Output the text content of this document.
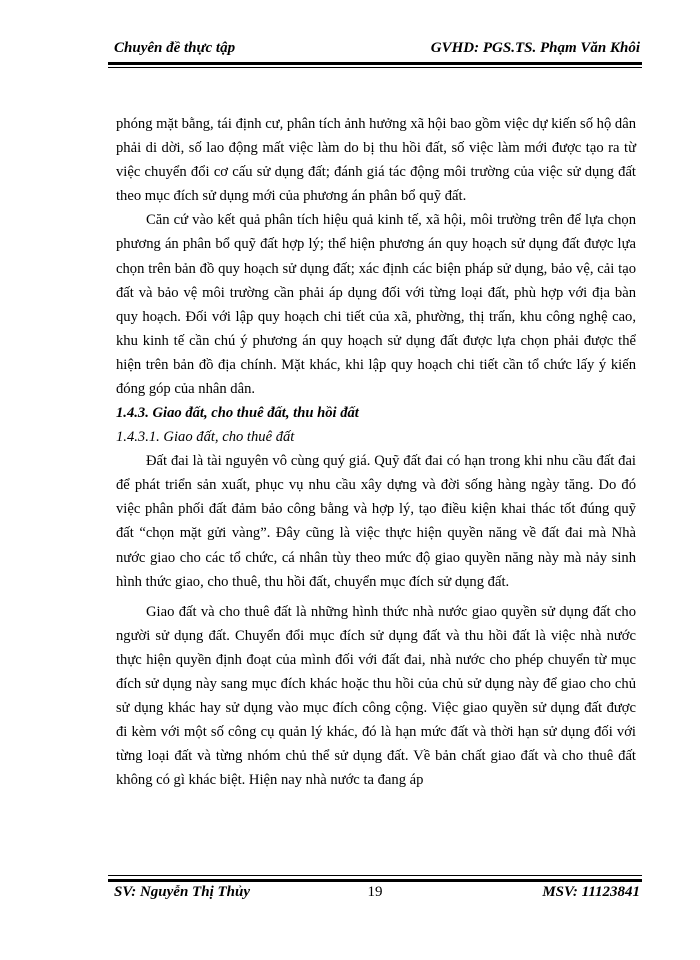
Chuyên đề thực tập	GVHD: PGS.TS. Phạm Văn Khôi

phóng mặt bằng, tái định cư, phân tích ảnh hưởng xã hội bao gồm việc dự kiến số hộ dân phải di dời, số lao động mất việc làm do bị thu hồi đất, số việc làm mới được tạo ra từ việc chuyển đổi cơ cấu sử dụng đất; đánh giá tác động môi trường của việc sử dụng đất theo mục đích sử dụng mới của phương án phân bổ quỹ đất.

Căn cứ vào kết quả phân tích hiệu quả kinh tế, xã hội, môi trường trên để lựa chọn phương án phân bổ quỹ đất hợp lý; thể hiện phương án quy hoạch sử dụng đất được lựa chọn trên bản đồ quy hoạch sử dụng đất; xác định các biện pháp sử dụng, bảo vệ, cải tạo đất và bảo vệ môi trường cần phải áp dụng đối với từng loại đất, phù hợp với địa bàn quy hoạch. Đối với lập quy hoạch chi tiết của xã, phường, thị trấn, khu công nghệ cao, khu kinh tế cần chú ý phương án quy hoạch sử dụng đất được lựa chọn phải được thể hiện trên bản đồ địa chính. Mặt khác, khi lập quy hoạch chi tiết cần tổ chức lấy ý kiến đóng góp của nhân dân.

1.4.3. Giao đất, cho thuê đất, thu hồi đất

1.4.3.1. Giao đất, cho thuê đất

Đất đai là tài nguyên vô cùng quý giá. Quỹ đất đai có hạn trong khi nhu cầu đất đai để phát triển sản xuất, phục vụ nhu cầu xây dựng và đời sống hàng ngày tăng. Do đó việc phân phối đất đảm bảo công bằng và hợp lý, tạo điều kiện khai thác tốt đúng quỹ đất “chọn mặt gửi vàng”. Đây cũng là việc thực hiện quyền năng về đất đai mà Nhà nước giao cho các tổ chức, cá nhân tùy theo mức độ giao quyền năng này mà nảy sinh hình thức giao, cho thuê, thu hồi đất, chuyển mục đích sử dụng đất.

Giao đất và cho thuê đất là những hình thức nhà nước giao quyền sử dụng đất cho người sử dụng đất. Chuyển đổi mục đích sử dụng đất và thu hồi đất là việc nhà nước thực hiện quyền định đoạt của mình đối với đất đai, nhà nước cho phép chuyển từ mục đích sử dụng này sang mục đích khác hoặc thu hồi của chủ sử dụng này để giao cho chủ sử dụng khác hay sử dụng vào mục đích công cộng. Việc giao quyền sử dụng đất được đi kèm với một số công cụ quản lý khác, đó là hạn mức đất và thời hạn sử dụng đối với từng loại đất và từng nhóm chủ thể sử dụng đất. Về bản chất giao đất và cho thuê đất không có gì khác biệt. Hiện nay nhà nước ta đang áp

SV: Nguyễn Thị Thủy	19	MSV: 11123841
